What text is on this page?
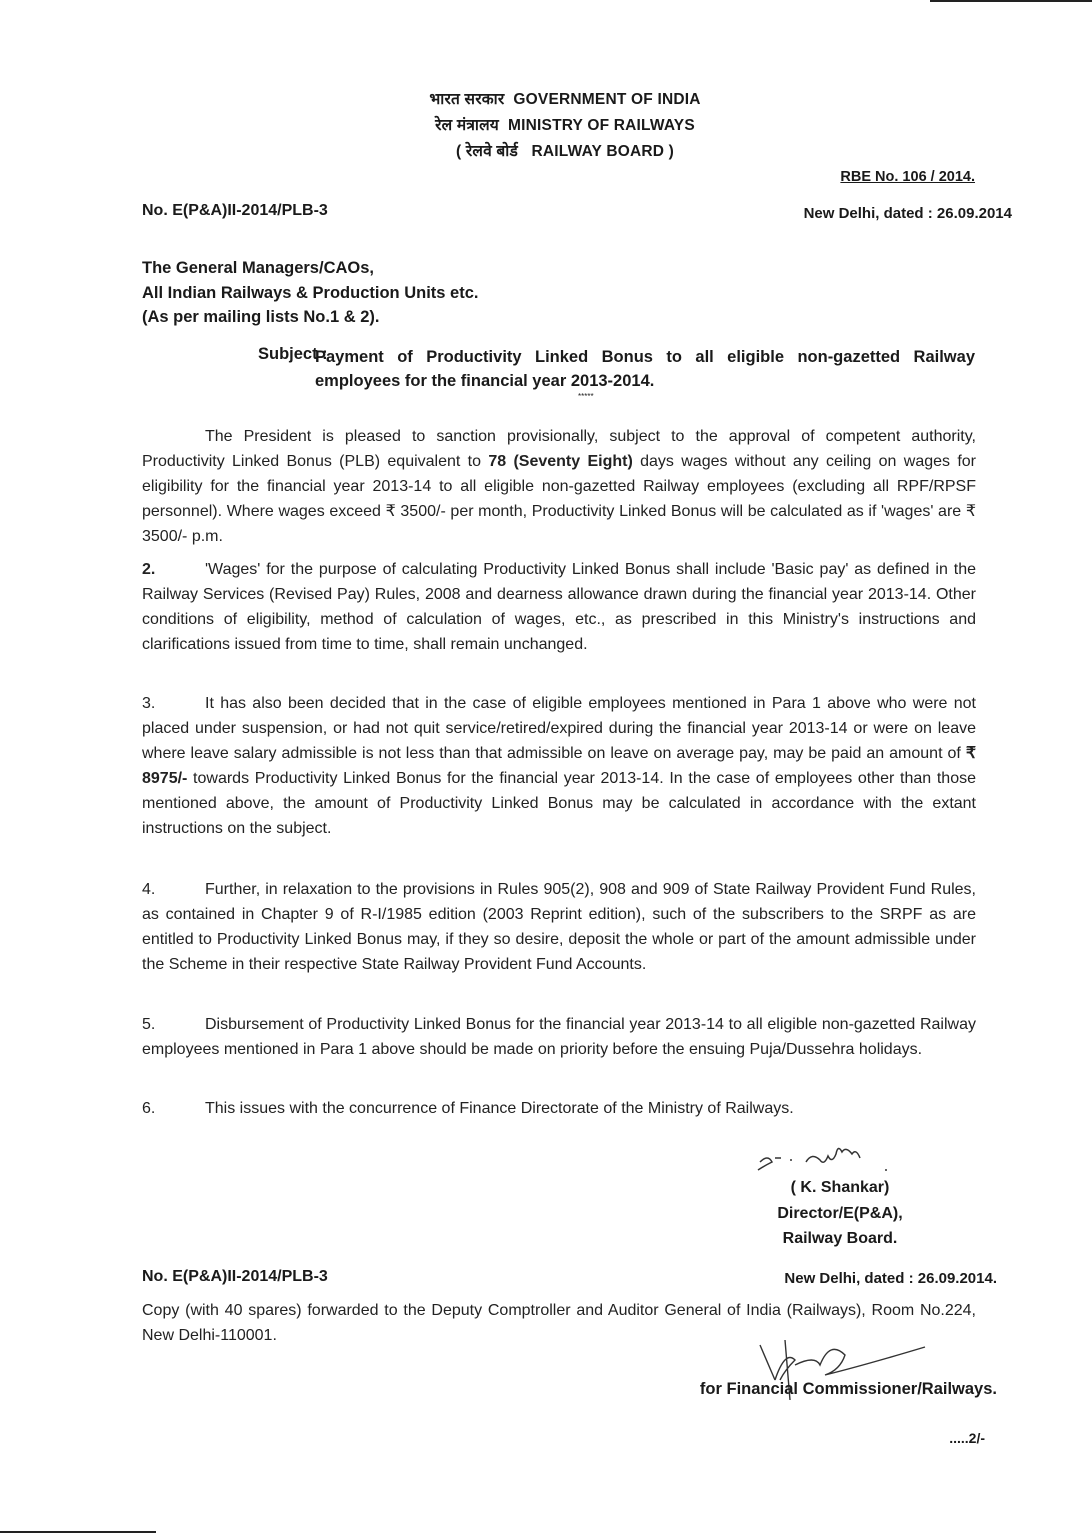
भारत सरकार GOVERNMENT OF INDIA
रेल मंत्रालय MINISTRY OF RAILWAYS
( रेलवे बोर्ड RAILWAY BOARD )
RBE No. 106 / 2014.
No. E(P&A)II-2014/PLB-3	New Delhi, dated : 26.09.2014
The General Managers/CAOs,
All Indian Railways & Production Units etc.
(As per mailing lists No.1 & 2).
Subject :
Payment of Productivity Linked Bonus to all eligible non-gazetted Railway employees for the financial year 2013-2014.
*****
The President is pleased to sanction provisionally, subject to the approval of competent authority, Productivity Linked Bonus (PLB) equivalent to 78 (Seventy Eight) days wages without any ceiling on wages for eligibility for the financial year 2013-14 to all eligible non-gazetted Railway employees (excluding all RPF/RPSF personnel). Where wages exceed ₹ 3500/- per month, Productivity Linked Bonus will be calculated as if 'wages' are ₹ 3500/- p.m.
2.	'Wages' for the purpose of calculating Productivity Linked Bonus shall include 'Basic pay' as defined in the Railway Services (Revised Pay) Rules, 2008 and dearness allowance drawn during the financial year 2013-14. Other conditions of eligibility, method of calculation of wages, etc., as prescribed in this Ministry's instructions and clarifications issued from time to time, shall remain unchanged.
3.	It has also been decided that in the case of eligible employees mentioned in Para 1 above who were not placed under suspension, or had not quit service/retired/expired during the financial year 2013-14 or were on leave where leave salary admissible is not less than that admissible on leave on average pay, may be paid an amount of ₹ 8975/- towards Productivity Linked Bonus for the financial year 2013-14. In the case of employees other than those mentioned above, the amount of Productivity Linked Bonus may be calculated in accordance with the extant instructions on the subject.
4.	Further, in relaxation to the provisions in Rules 905(2), 908 and 909 of State Railway Provident Fund Rules, as contained in Chapter 9 of R-I/1985 edition (2003 Reprint edition), such of the subscribers to the SRPF as are entitled to Productivity Linked Bonus may, if they so desire, deposit the whole or part of the amount admissible under the Scheme in their respective State Railway Provident Fund Accounts.
5.	Disbursement of Productivity Linked Bonus for the financial year 2013-14 to all eligible non-gazetted Railway employees mentioned in Para 1 above should be made on priority before the ensuing Puja/Dussehra holidays.
6.	This issues with the concurrence of Finance Directorate of the Ministry of Railways.
( K. Shankar)
Director/E(P&A),
Railway Board.
No. E(P&A)II-2014/PLB-3	New Delhi, dated : 26.09.2014.
Copy (with 40 spares) forwarded to the Deputy Comptroller and Auditor General of India (Railways), Room No.224, New Delhi-110001.
for Financial Commissioner/Railways.
.....2/-
